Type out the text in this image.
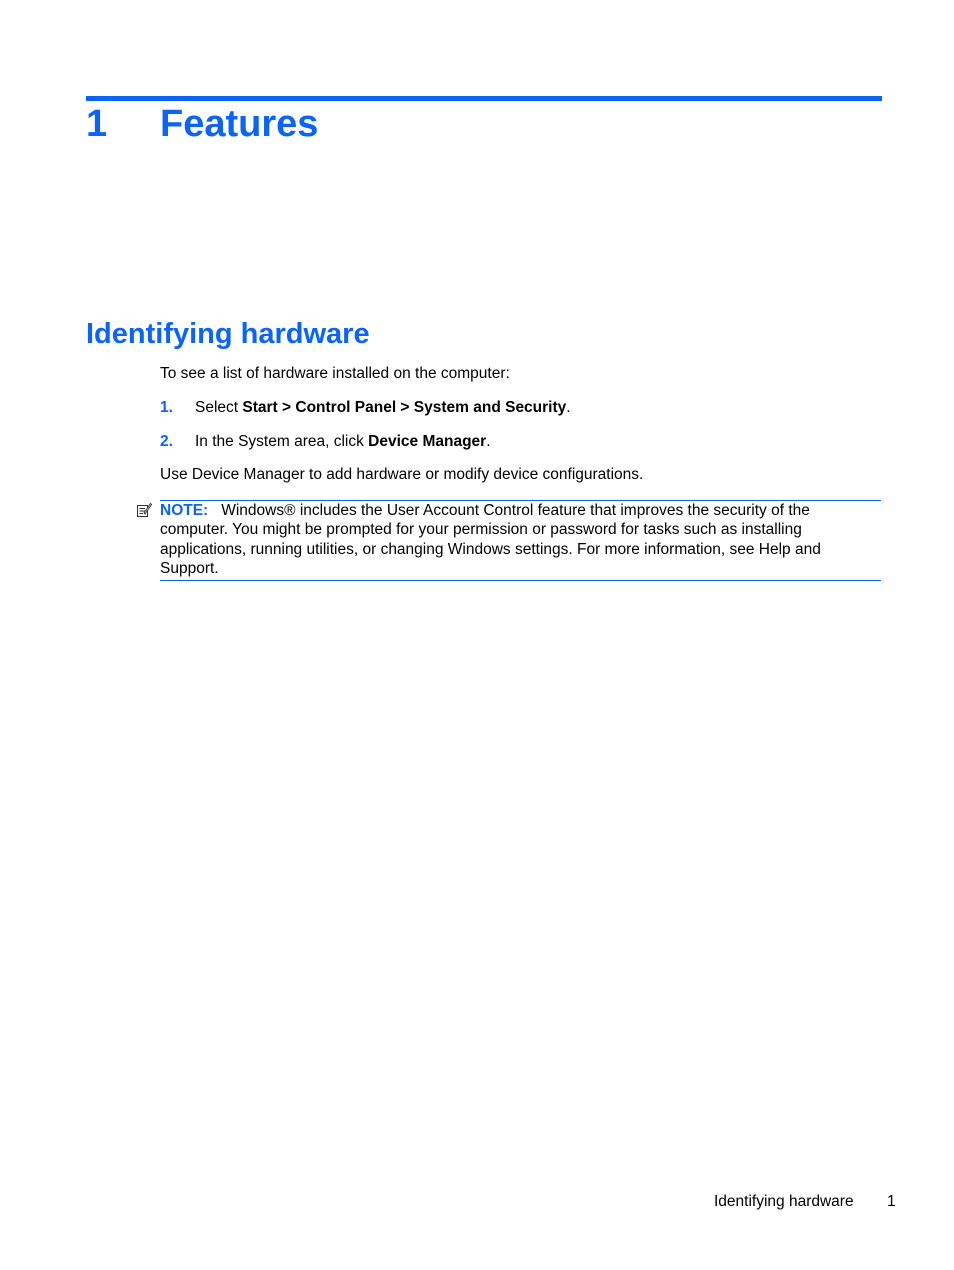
1	Features
Identifying hardware
To see a list of hardware installed on the computer:
1.	Select Start > Control Panel > System and Security.
2.	In the System area, click Device Manager.
Use Device Manager to add hardware or modify device configurations.
NOTE: Windows® includes the User Account Control feature that improves the security of the computer. You might be prompted for your permission or password for tasks such as installing applications, running utilities, or changing Windows settings. For more information, see Help and Support.
Identifying hardware 1
